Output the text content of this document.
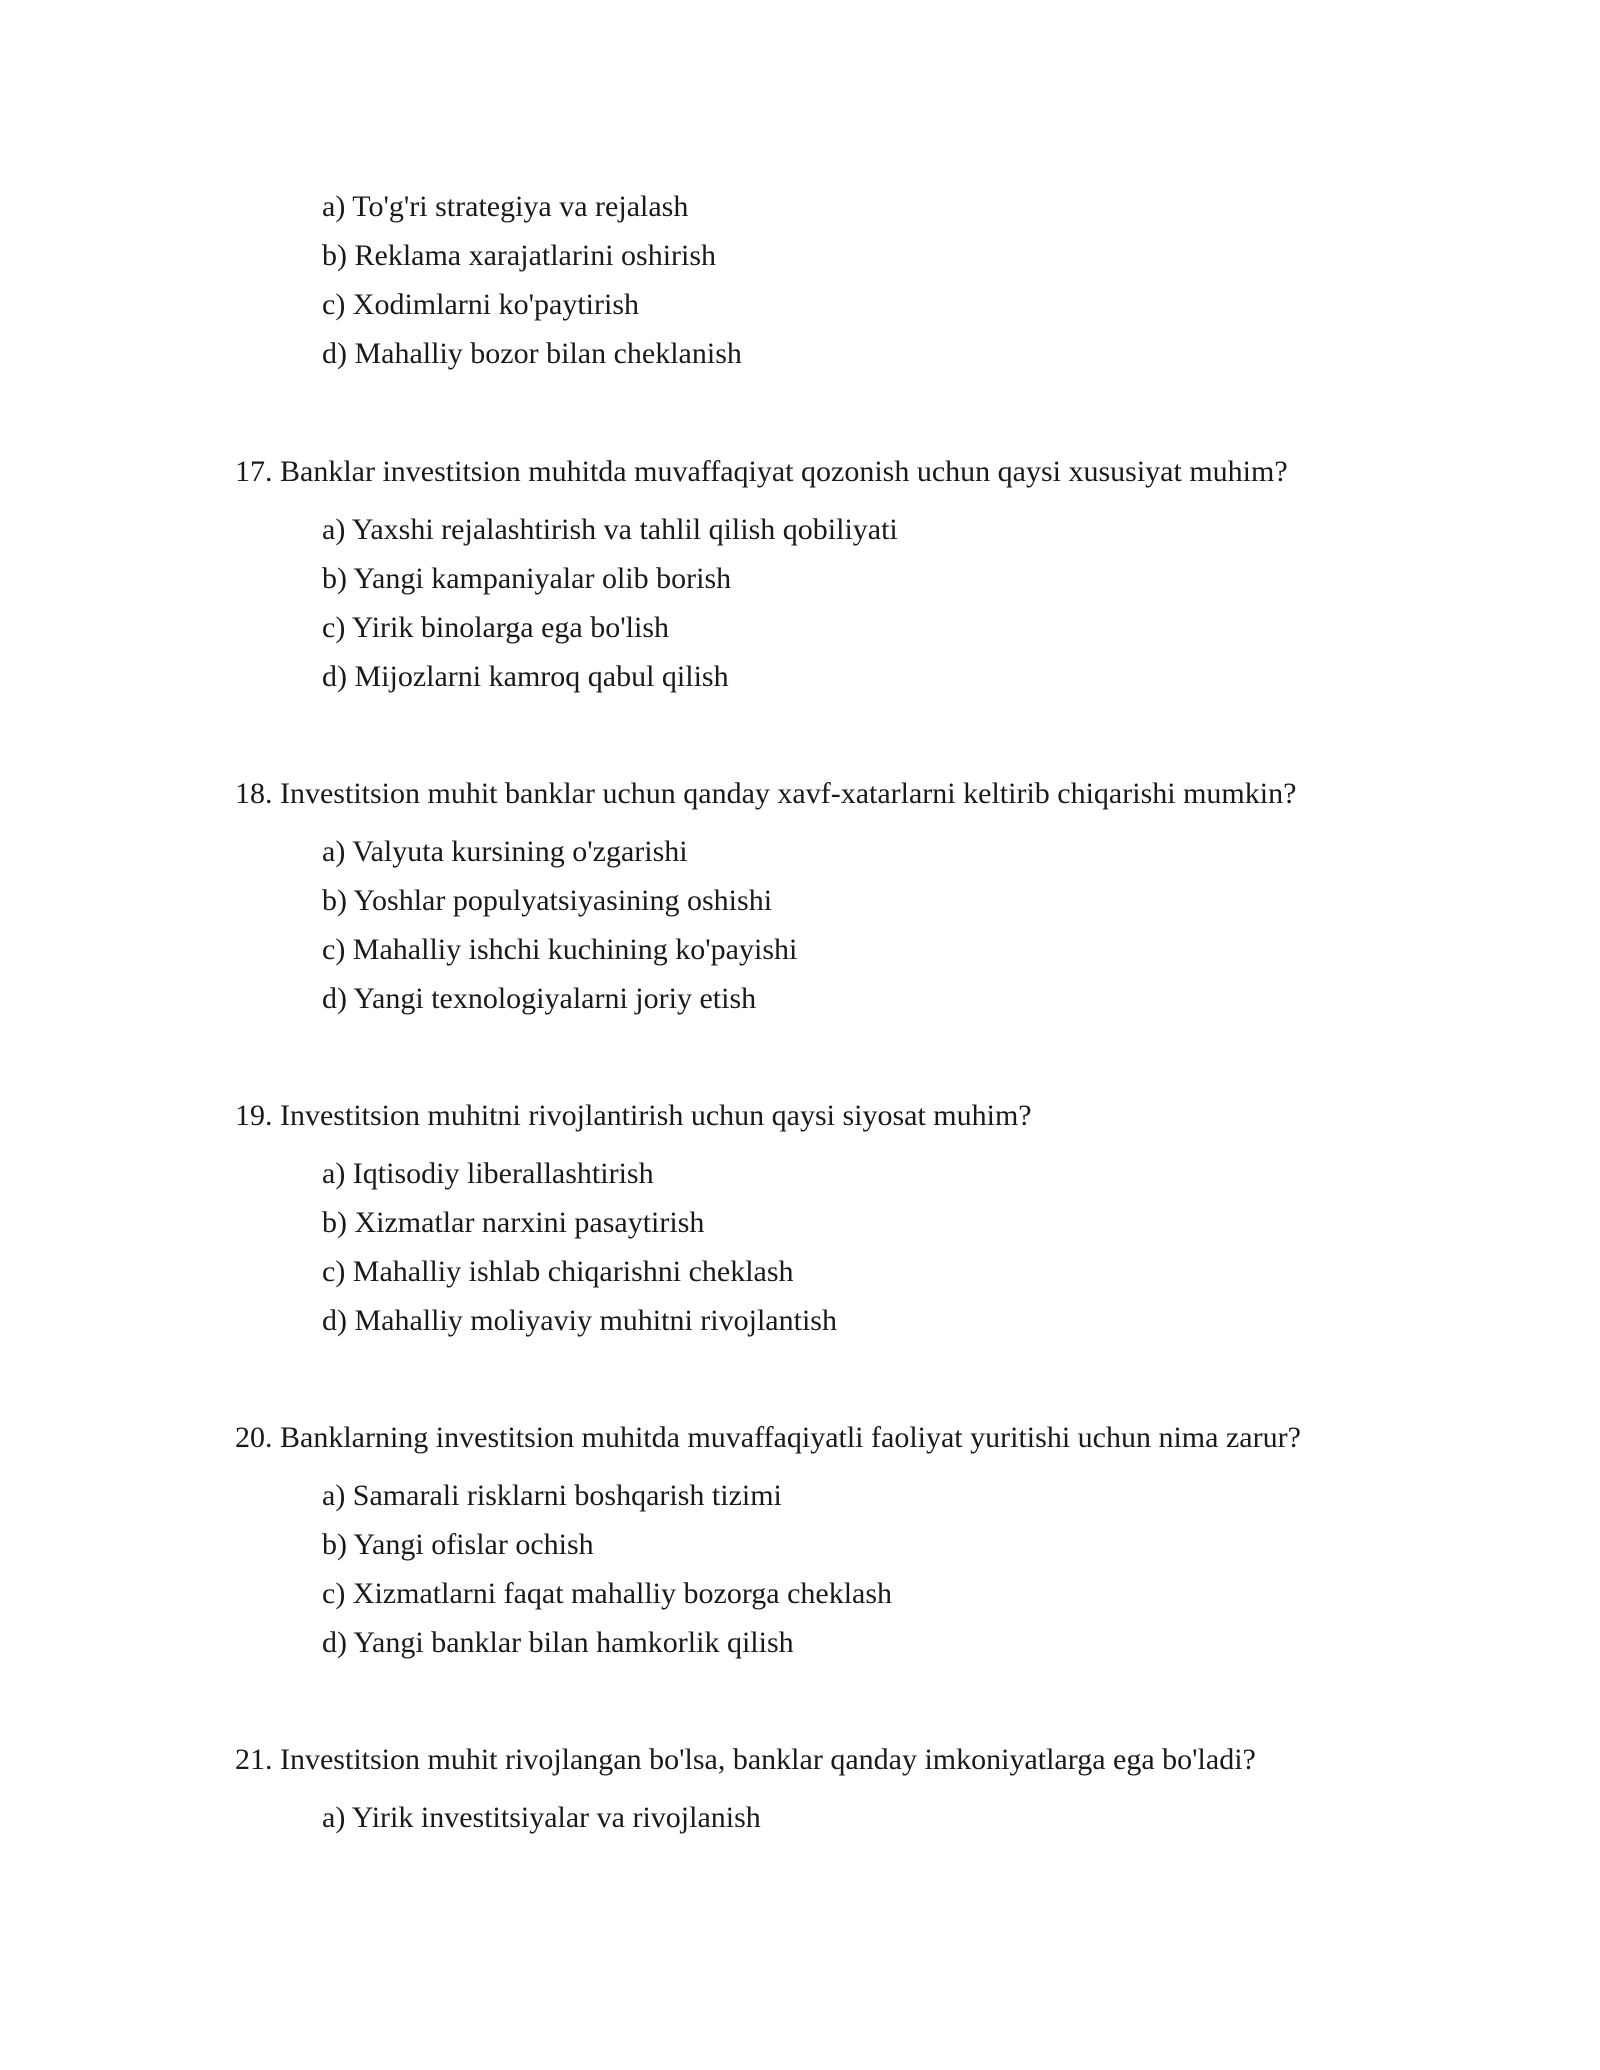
a) To'g'ri strategiya va rejalash
b) Reklama xarajatlarini oshirish
c) Xodimlarni ko'paytirish
d) Mahalliy bozor bilan cheklanish
17. Banklar investitsion muhitda muvaffaqiyat qozonish uchun qaysi xususiyat muhim?
a) Yaxshi rejalashtirish va tahlil qilish qobiliyati
b) Yangi kampaniyalar olib borish
c) Yirik binolarga ega bo'lish
d) Mijozlarni kamroq qabul qilish
18. Investitsion muhit banklar uchun qanday xavf-xatarlarni keltirib chiqarishi mumkin?
a) Valyuta kursining o'zgarishi
b) Yoshlar populyatsiyasining oshishi
c) Mahalliy ishchi kuchining ko'payishi
d) Yangi texnologiyalarni joriy etish
19. Investitsion muhitni rivojlantirish uchun qaysi siyosat muhim?
a) Iqtisodiy liberallashtirish
b) Xizmatlar narxini pasaytirish
c) Mahalliy ishlab chiqarishni cheklash
d) Mahalliy moliyaviy muhitni rivojlantish
20. Banklarning investitsion muhitda muvaffaqiyatli faoliyat yuritishi uchun nima zarur?
a) Samarali risklarni boshqarish tizimi
b) Yangi ofislar ochish
c) Xizmatlarni faqat mahalliy bozorga cheklash
d) Yangi banklar bilan hamkorlik qilish
21. Investitsion muhit rivojlangan bo'lsa, banklar qanday imkoniyatlarga ega bo'ladi?
a) Yirik investitsiyalar va rivojlanish
